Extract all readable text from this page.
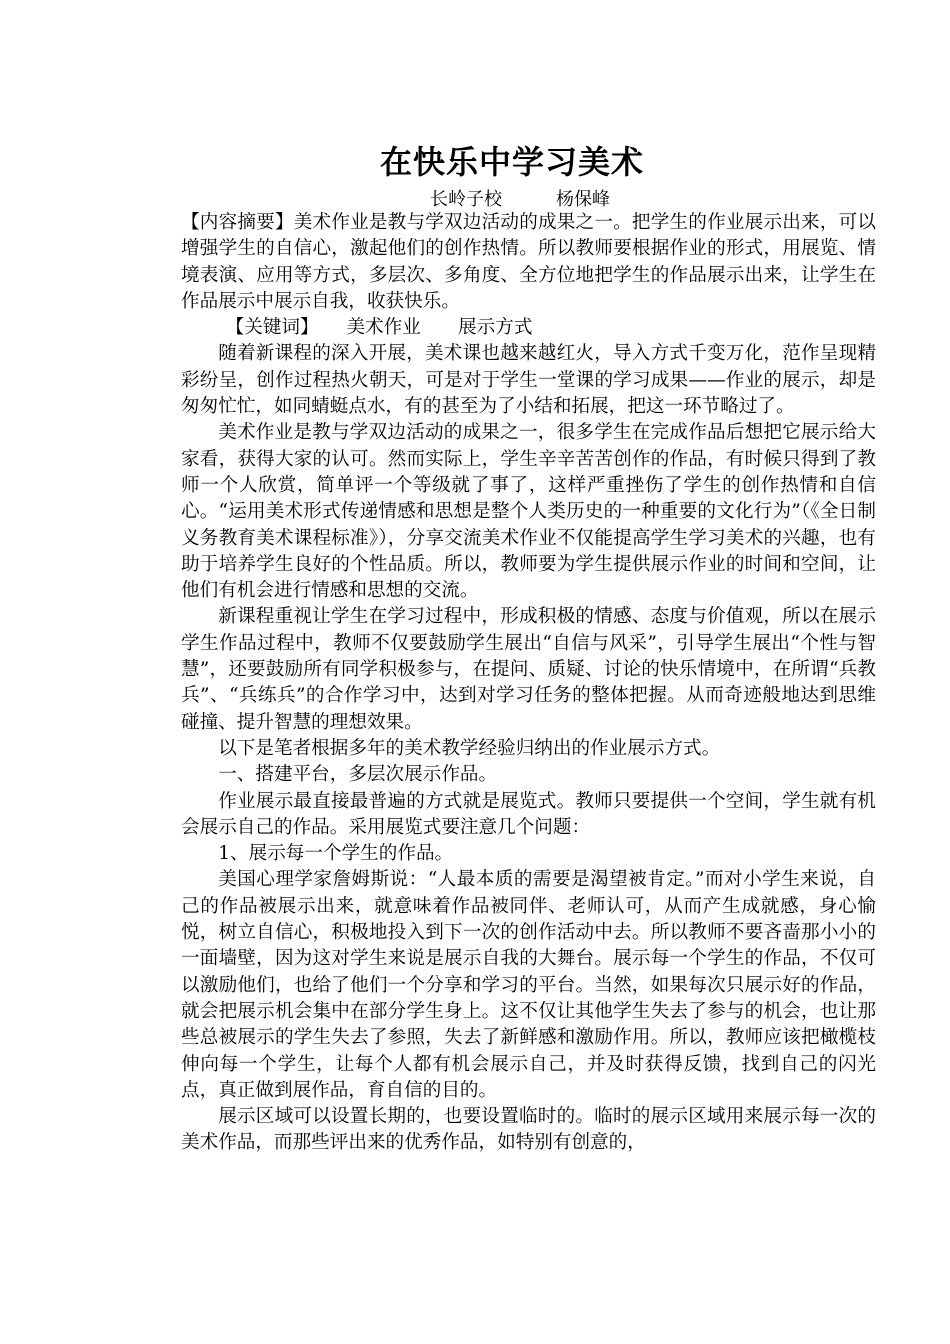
在快乐中学习美术
长岭子校　　　杨保峰

【内容摘要】美术作业是教与学双边活动的成果之一。把学生的作业展示出来，可以增强学生的自信心，激起他们的创作热情。所以教师要根据作业的形式，用展览、情境表演、应用等方式，多层次、多角度、全方位地把学生的作品展示出来，让学生在作品展示中展示自我，收获快乐。

【关键词】　　美术作业　　展示方式

随着新课程的深入开展，美术课也越来越红火，导入方式千变万化，范作呈现精彩纷呈，创作过程热火朝天，可是对于学生一堂课的学习成果——作业的展示，却是匆匆忙忙，如同蜻蜓点水，有的甚至为了小结和拓展，把这一环节略过了。

美术作业是教与学双边活动的成果之一，很多学生在完成作品后想把它展示给大家看，获得大家的认可。然而实际上，学生辛辛苦苦创作的作品，有时候只得到了教师一个人欣赏，简单评一个等级就了事了，这样严重挫伤了学生的创作热情和自信心。“运用美术形式传递情感和思想是整个人类历史的一种重要的文化行为”（《全日制义务教育美术课程标准》），分享交流美术作业不仅能提高学生学习美术的兴趣，也有助于培养学生良好的个性品质。所以，教师要为学生提供展示作业的时间和空间，让他们有机会进行情感和思想的交流。

新课程重视让学生在学习过程中，形成积极的情感、态度与价值观，所以在展示学生作品过程中，教师不仅要鼓励学生展出“自信与风采”，引导学生展出“个性与智慧”，还要鼓励所有同学积极参与，在提问、质疑、讨论的快乐情境中，在所谓“兵教兵”、“兵练兵”的合作学习中，达到对学习任务的整体把握。从而奇迹般地达到思维碰撞、提升智慧的理想效果。

以下是笔者根据多年的美术教学经验归纳出的作业展示方式。

一、搭建平台，多层次展示作品。

作业展示最直接最普遍的方式就是展览式。教师只要提供一个空间，学生就有机会展示自己的作品。采用展览式要注意几个问题：

1、展示每一个学生的作品。

美国心理学家詹姆斯说：“人最本质的需要是渴望被肯定。”而对小学生来说，自己的作品被展示出来，就意味着作品被同伴、老师认可，从而产生成就感，身心愉悦，树立自信心，积极地投入到下一次的创作活动中去。所以教师不要吝啬那小小的一面墙壁，因为这对学生来说是展示自我的大舞台。展示每一个学生的作品，不仅可以激励他们，也给了他们一个分享和学习的平台。当然，如果每次只展示好的作品，就会把展示机会集中在部分学生身上。这不仅让其他学生失去了参与的机会，也让那些总被展示的学生失去了参照，失去了新鲜感和激励作用。所以，教师应该把橄榄枝伸向每一个学生，让每个人都有机会展示自己，并及时获得反馈，找到自己的闪光点，真正做到展作品，育自信的目的。

展示区域可以设置长期的，也要设置临时的。临时的展示区域用来展示每一次的美术作品，而那些评出来的优秀作品，如特别有创意的，
